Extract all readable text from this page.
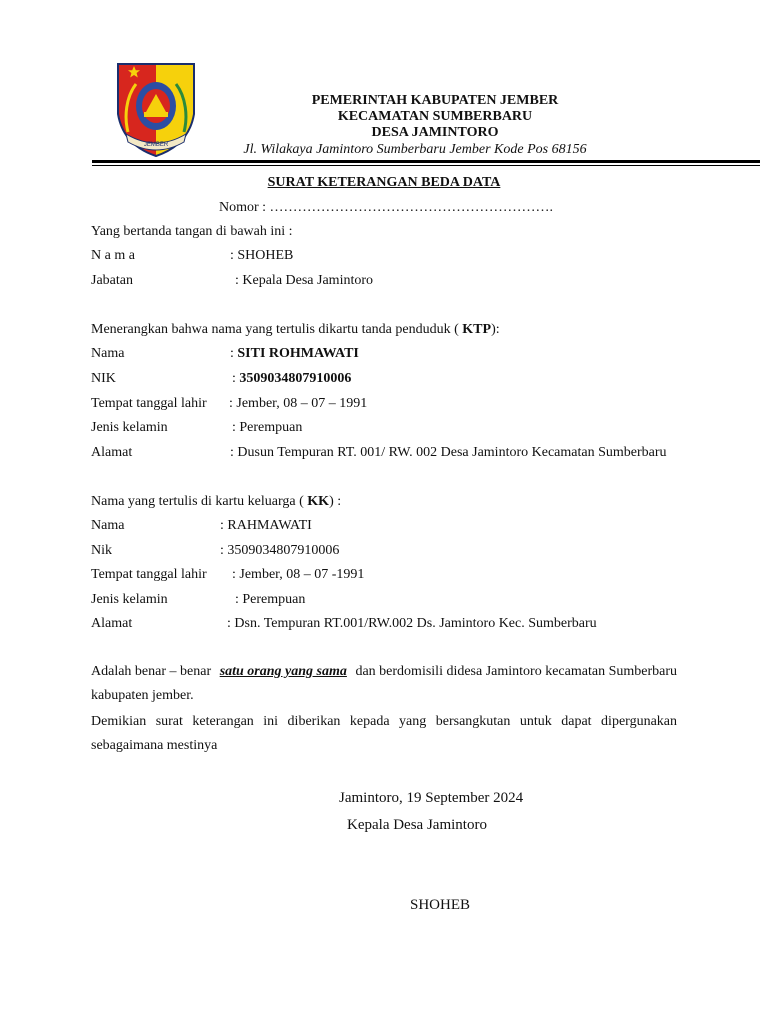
JEMBER
PEMERINTAH KABUPATEN JEMBER
KECAMATAN SUMBERBARU
DESA JAMINTORO
Jl. Wilakaya Jamintoro Sumberbaru Jember Kode Pos 68156
SURAT KETERANGAN BEDA DATA
Nomor : …………………………………………………….
Yang bertanda tangan di bawah ini :
N a m a	: SHOHEB
Jabatan	: Kepala Desa Jamintoro
Menerangkan bahwa nama yang tertulis dikartu tanda penduduk ( KTP):
Nama	: SITI ROHMAWATI
NIK	: 3509034807910006
Tempat tanggal lahir : Jember, 08 – 07 – 1991
Jenis kelamin	: Perempuan
Alamat	: Dusun Tempuran RT. 001/ RW. 002 Desa Jamintoro Kecamatan Sumberbaru
Nama yang tertulis di kartu keluarga ( KK) :
Nama	: RAHMAWATI
Nik	: 3509034807910006
Tempat tanggal lahir : Jember, 08 – 07 -1991
Jenis kelamin	: Perempuan
Alamat	: Dsn. Tempuran RT.001/RW.002 Ds. Jamintoro Kec. Sumberbaru
Adalah benar – benar satu orang yang sama dan berdomisili didesa Jamintoro kecamatan Sumberbaru
kabupaten jember.
Demikian surat keterangan ini diberikan kepada yang bersangkutan untuk dapat dipergunakan
sebagaimana mestinya
Jamintoro, 19 September 2024
Kepala Desa Jamintoro
SHOHEB
